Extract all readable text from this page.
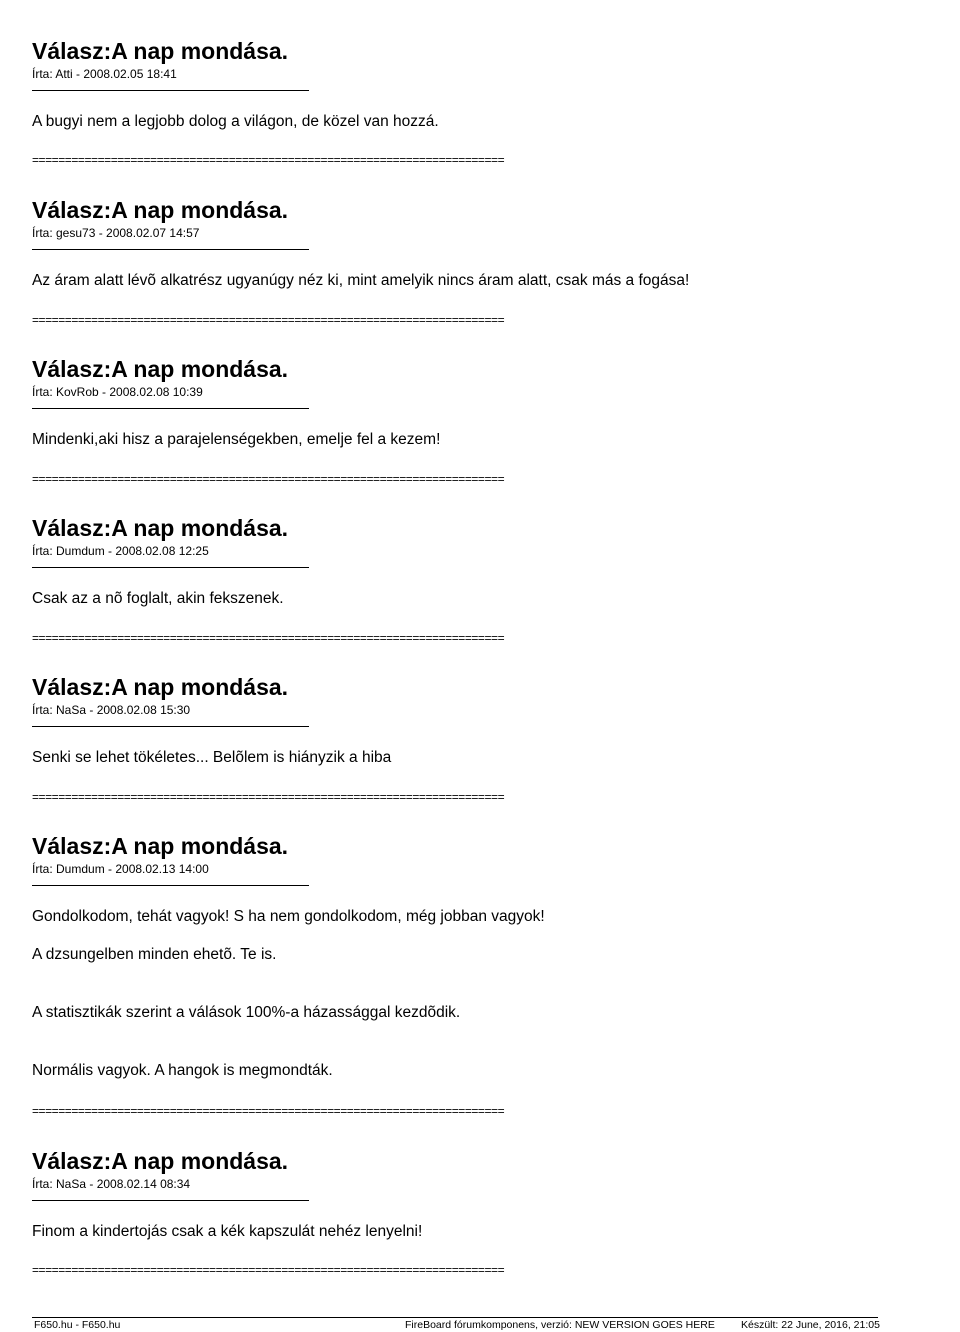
Válasz:A nap mondása.
Írta: Atti - 2008.02.05 18:41

A bugyi nem a legjobb dolog a világon, de közel van hozzá.

========================================================================
Válasz:A nap mondása.
Írta: gesu73 - 2008.02.07 14:57

Az áram alatt lévõ alkatrész ugyanúgy néz ki, mint amelyik nincs áram alatt, csak más a fogása!

========================================================================
Válasz:A nap mondása.
Írta: KovRob - 2008.02.08 10:39

Mindenki,aki hisz a parajelenségekben, emelje fel a kezem!

========================================================================
Válasz:A nap mondása.
Írta: Dumdum - 2008.02.08 12:25

Csak az a nõ foglalt, akin fekszenek.

========================================================================
Válasz:A nap mondása.
Írta: NaSa - 2008.02.08 15:30

Senki se lehet tökéletes... Belõlem is hiányzik a hiba

========================================================================
Válasz:A nap mondása.
Írta: Dumdum - 2008.02.13 14:00

Gondolkodom, tehát vagyok! S ha nem gondolkodom, még jobban vagyok!

A dzsungelben minden ehetõ. Te is.

A statisztikák szerint a válások 100%-a házassággal kezdõdik.

Normális vagyok. A hangok is megmondták.

========================================================================
Válasz:A nap mondása.
Írta: NaSa - 2008.02.14 08:34

Finom a kindertojás csak a kék kapszulát nehéz lenyelni!

========================================================================
F650.hu - F650.hu	FireBoard fórumkomponens, verzió: NEW VERSION GOES HERE Készült: 22 June, 2016, 21:05
